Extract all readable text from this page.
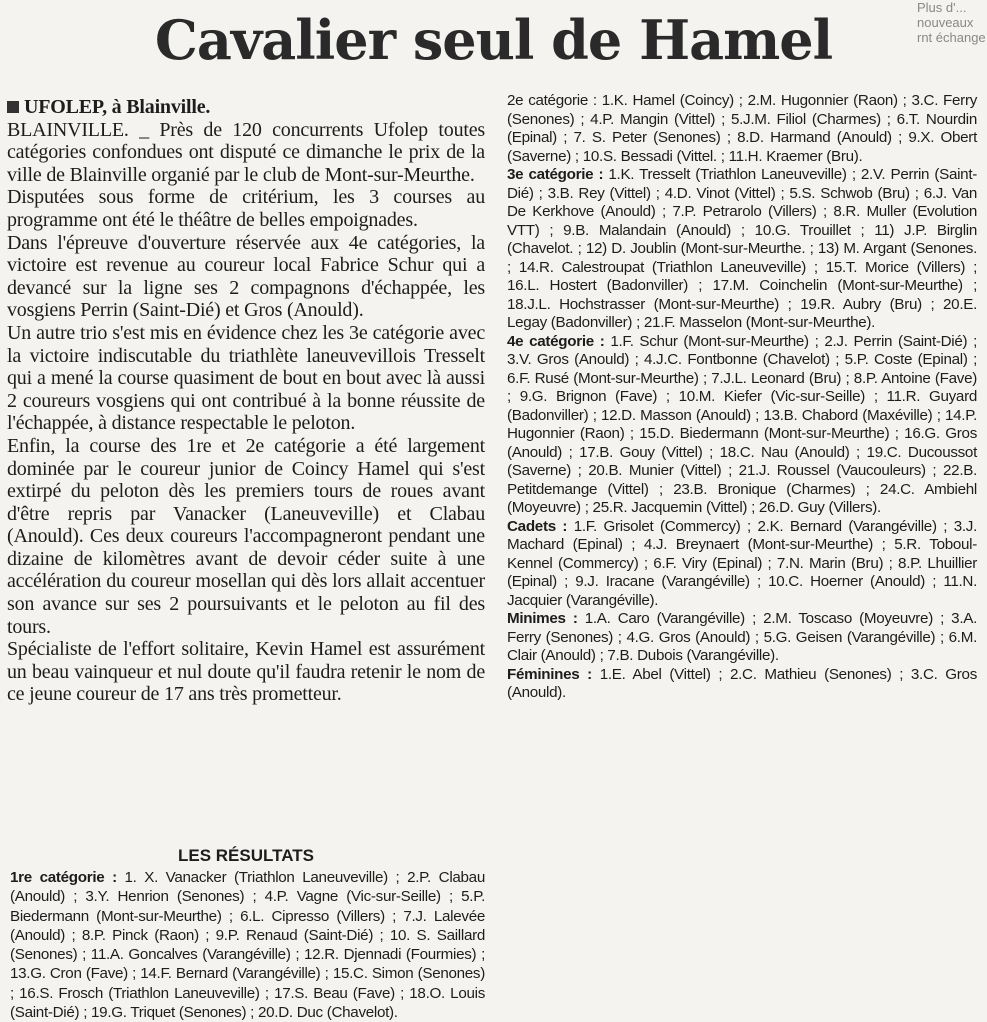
Plus d'...
nouveaux
rnt échange
Cavalier seul de Hamel

UFOLEP, à Blainville.

BLAINVILLE. _ Près de 120 concurrents Ufolep toutes catégories confondues ont disputé ce dimanche le prix de la ville de Blainville organié par le club de Mont-sur-Meurthe.

Disputées sous forme de critérium, les 3 courses au programme ont été le théâtre de belles empoignades.

Dans l'épreuve d'ouverture réservée aux 4e catégories, la victoire est revenue au coureur local Fabrice Schur qui a devancé sur la ligne ses 2 compagnons d'échappée, les vosgiens Perrin (Saint-Dié) et Gros (Anould).

Un autre trio s'est mis en évidence chez les 3e catégorie avec la victoire indiscutable du triathlète laneuvevillois Tresselt qui a mené la course quasiment de bout en bout avec là aussi 2 coureurs vosgiens qui ont contribué à la bonne réussite de l'échappée, à distance respectable le peloton.

Enfin, la course des 1re et 2e catégorie a été largement dominée par le coureur junior de Coincy Hamel qui s'est extirpé du peloton dès les premiers tours de roues avant d'être repris par Vanacker (Laneuveville) et Clabau (Anould). Ces deux coureurs l'accompagneront pendant une dizaine de kilomètres avant de devoir céder suite à une accélération du coureur mosellan qui dès lors allait accentuer son avance sur ses 2 poursuivants et le peloton au fil des tours.

Spécialiste de l'effort solitaire, Kevin Hamel est assurément un beau vainqueur et nul doute qu'il faudra retenir le nom de ce jeune coureur de 17 ans très prometteur.

LES RÉSULTATS

1re catégorie : 1. X. Vanacker (Triathlon Laneuveville) ; 2.P. Clabau (Anould) ; 3.Y. Henrion (Senones) ; 4.P. Vagne (Vic-sur-Seille) ; 5.P. Biedermann (Mont-sur-Meurthe) ; 6.L. Cipresso (Villers) ; 7.J. Lalevée (Anould) ; 8.P. Pinck (Raon) ; 9.P. Renaud (Saint-Dié) ; 10. S. Saillard (Senones) ; 11.A. Goncalves (Varangéville) ; 12.R. Djennadi (Fourmies) ; 13.G. Cron (Fave) ; 14.F. Bernard (Varangéville) ; 15.C. Simon (Senones) ; 16.S. Frosch (Triathlon Laneuveville) ; 17.S. Beau (Fave) ; 18.O. Louis (Saint-Dié) ; 19.G. Triquet (Senones) ; 20.D. Duc (Chavelot).

2e catégorie : 1.K. Hamel (Coincy) ; 2.M. Hugonnier (Raon) ; 3.C. Ferry (Senones) ; 4.P. Mangin (Vittel) ; 5.J.M. Filiol (Charmes) ; 6.T. Nourdin (Epinal) ; 7. S. Peter (Senones) ; 8.D. Harmand (Anould) ; 9.X. Obert (Saverne) ; 10.S. Bessadi (Vittel. ; 11.H. Kraemer (Bru).

3e catégorie : 1.K. Tresselt (Triathlon Laneuveville) ; 2.V. Perrin (Saint-Dié) ; 3.B. Rey (Vittel) ; 4.D. Vinot (Vittel) ; 5.S. Schwob (Bru) ; 6.J. Van De Kerkhove (Anould) ; 7.P. Petrarolo (Villers) ; 8.R. Muller (Evolution VTT) ; 9.B. Malandain (Anould) ; 10.G. Trouillet ; 11) J.P. Birglin (Chavelot. ; 12) D. Joublin (Mont-sur-Meurthe. ; 13) M. Argant (Senones. ; 14.R. Calestroupat (Triathlon Laneuveville) ; 15.T. Morice (Villers) ; 16.L. Hostert (Badonviller) ; 17.M. Coinchelin (Mont-sur-Meurthe) ; 18.J.L. Hochstrasser (Mont-sur-Meurthe) ; 19.R. Aubry (Bru) ; 20.E. Legay (Badonviller) ; 21.F. Masselon (Mont-sur-Meurthe).

4e catégorie : 1.F. Schur (Mont-sur-Meurthe) ; 2.J. Perrin (Saint-Dié) ; 3.V. Gros (Anould) ; 4.J.C. Fontbonne (Chavelot) ; 5.P. Coste (Epinal) ; 6.F. Rusé (Mont-sur-Meurthe) ; 7.J.L. Leonard (Bru) ; 8.P. Antoine (Fave) ; 9.G. Brignon (Fave) ; 10.M. Kiefer (Vic-sur-Seille) ; 11.R. Guyard (Badonviller) ; 12.D. Masson (Anould) ; 13.B. Chabord (Maxéville) ; 14.P. Hugonnier (Raon) ; 15.D. Biedermann (Mont-sur-Meurthe) ; 16.G. Gros (Anould) ; 17.B. Gouy (Vittel) ; 18.C. Nau (Anould) ; 19.C. Ducoussot (Saverne) ; 20.B. Munier (Vittel) ; 21.J. Roussel (Vaucouleurs) ; 22.B. Petitdemange (Vittel) ; 23.B. Bronique (Charmes) ; 24.C. Ambiehl (Moyeuvre) ; 25.R. Jacquemin (Vittel) ; 26.D. Guy (Villers).

Cadets : 1.F. Grisolet (Commercy) ; 2.K. Bernard (Varangéville) ; 3.J. Machard (Epinal) ; 4.J. Breynaert (Mont-sur-Meurthe) ; 5.R. Toboul-Kennel (Commercy) ; 6.F. Viry (Epinal) ; 7.N. Marin (Bru) ; 8.P. Lhuillier (Epinal) ; 9.J. Iracane (Varangéville) ; 10.C. Hoerner (Anould) ; 11.N. Jacquier (Varangéville).

Minimes : 1.A. Caro (Varangéville) ; 2.M. Toscaso (Moyeuvre) ; 3.A. Ferry (Senones) ; 4.G. Gros (Anould) ; 5.G. Geisen (Varangéville) ; 6.M. Clair (Anould) ; 7.B. Dubois (Varangéville).

Féminines : 1.E. Abel (Vittel) ; 2.C. Mathieu (Senones) ; 3.C. Gros (Anould).
